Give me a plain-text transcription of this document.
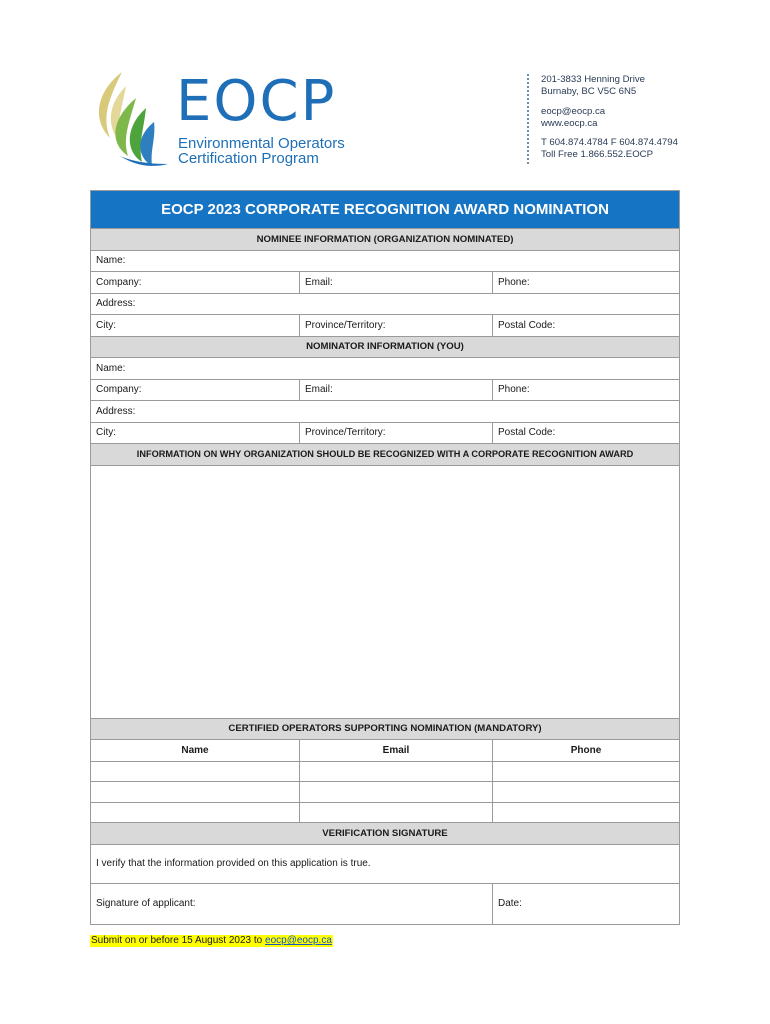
EOCP
Environmental Operators
Certification Program
201-3833 Henning Drive
Burnaby, BC V5C 6N5
eocp@eocp.ca
www.eocp.ca
T 604.874.4784 F 604.874.4794
Toll Free 1.866.552.EOCP
EOCP 2023 CORPORATE RECOGNITION AWARD NOMINATION		
NOMINEE INFORMATION (ORGANIZATION NOMINATED)		
Name:		
Company:	Email:	Phone:
Address:		
City:	Province/Territory:	Postal Code:
NOMINATOR INFORMATION (YOU)		
Name:		
Company:	Email:	Phone:
Address:		
City:	Province/Territory:	Postal Code:
INFORMATION ON WHY ORGANIZATION SHOULD BE RECOGNIZED WITH A CORPORATE RECOGNITION AWARD		

CERTIFIED OPERATORS SUPPORTING NOMINATION (MANDATORY)		
Name	Email	Phone

VERIFICATION SIGNATURE		
I verify that the information provided on this application is true.		
Signature of applicant:		Date:
Submit on or before 15 August 2023 to eocp@eocp.ca
